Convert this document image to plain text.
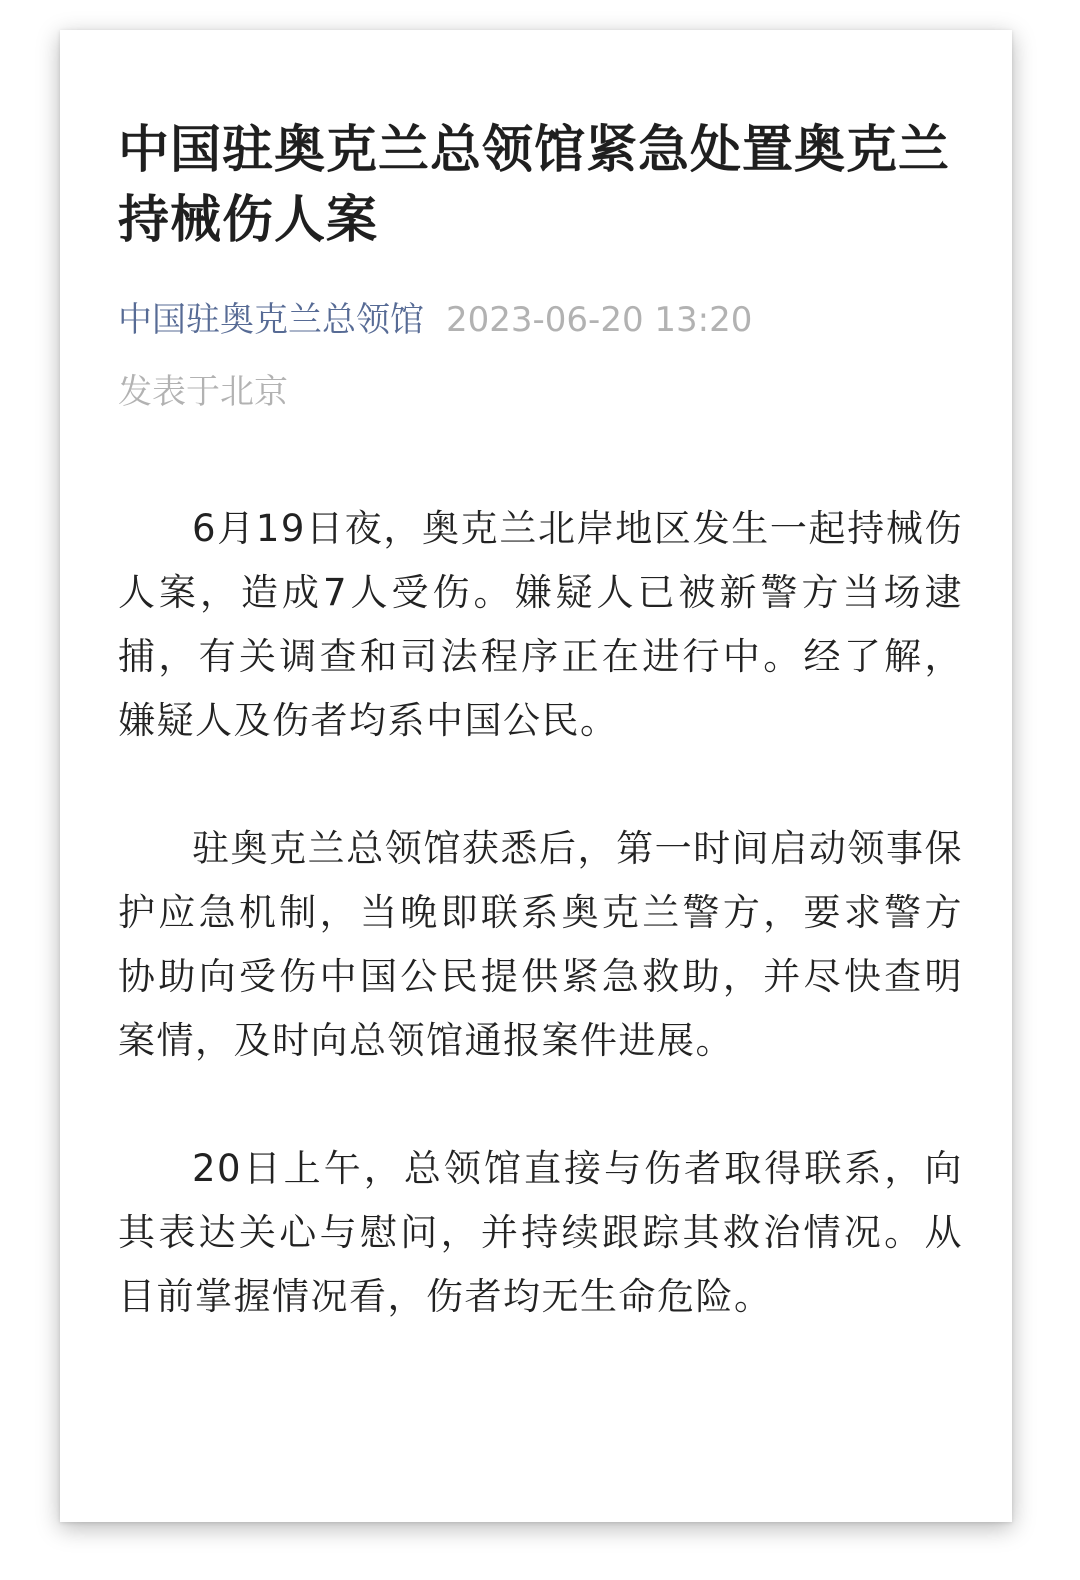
中国驻奥克兰总领馆紧急处置奥克兰持械伤人案
中国驻奥克兰总领馆 2023-06-20 13:20
发表于北京

6月19日夜，奥克兰北岸地区发生一起持械伤人案，造成7人受伤。嫌疑人已被新警方当场逮捕，有关调查和司法程序正在进行中。经了解，嫌疑人及伤者均系中国公民。

驻奥克兰总领馆获悉后，第一时间启动领事保护应急机制，当晚即联系奥克兰警方，要求警方协助向受伤中国公民提供紧急救助，并尽快查明案情，及时向总领馆通报案件进展。

20日上午，总领馆直接与伤者取得联系，向其表达关心与慰问，并持续跟踪其救治情况。从目前掌握情况看，伤者均无生命危险。
